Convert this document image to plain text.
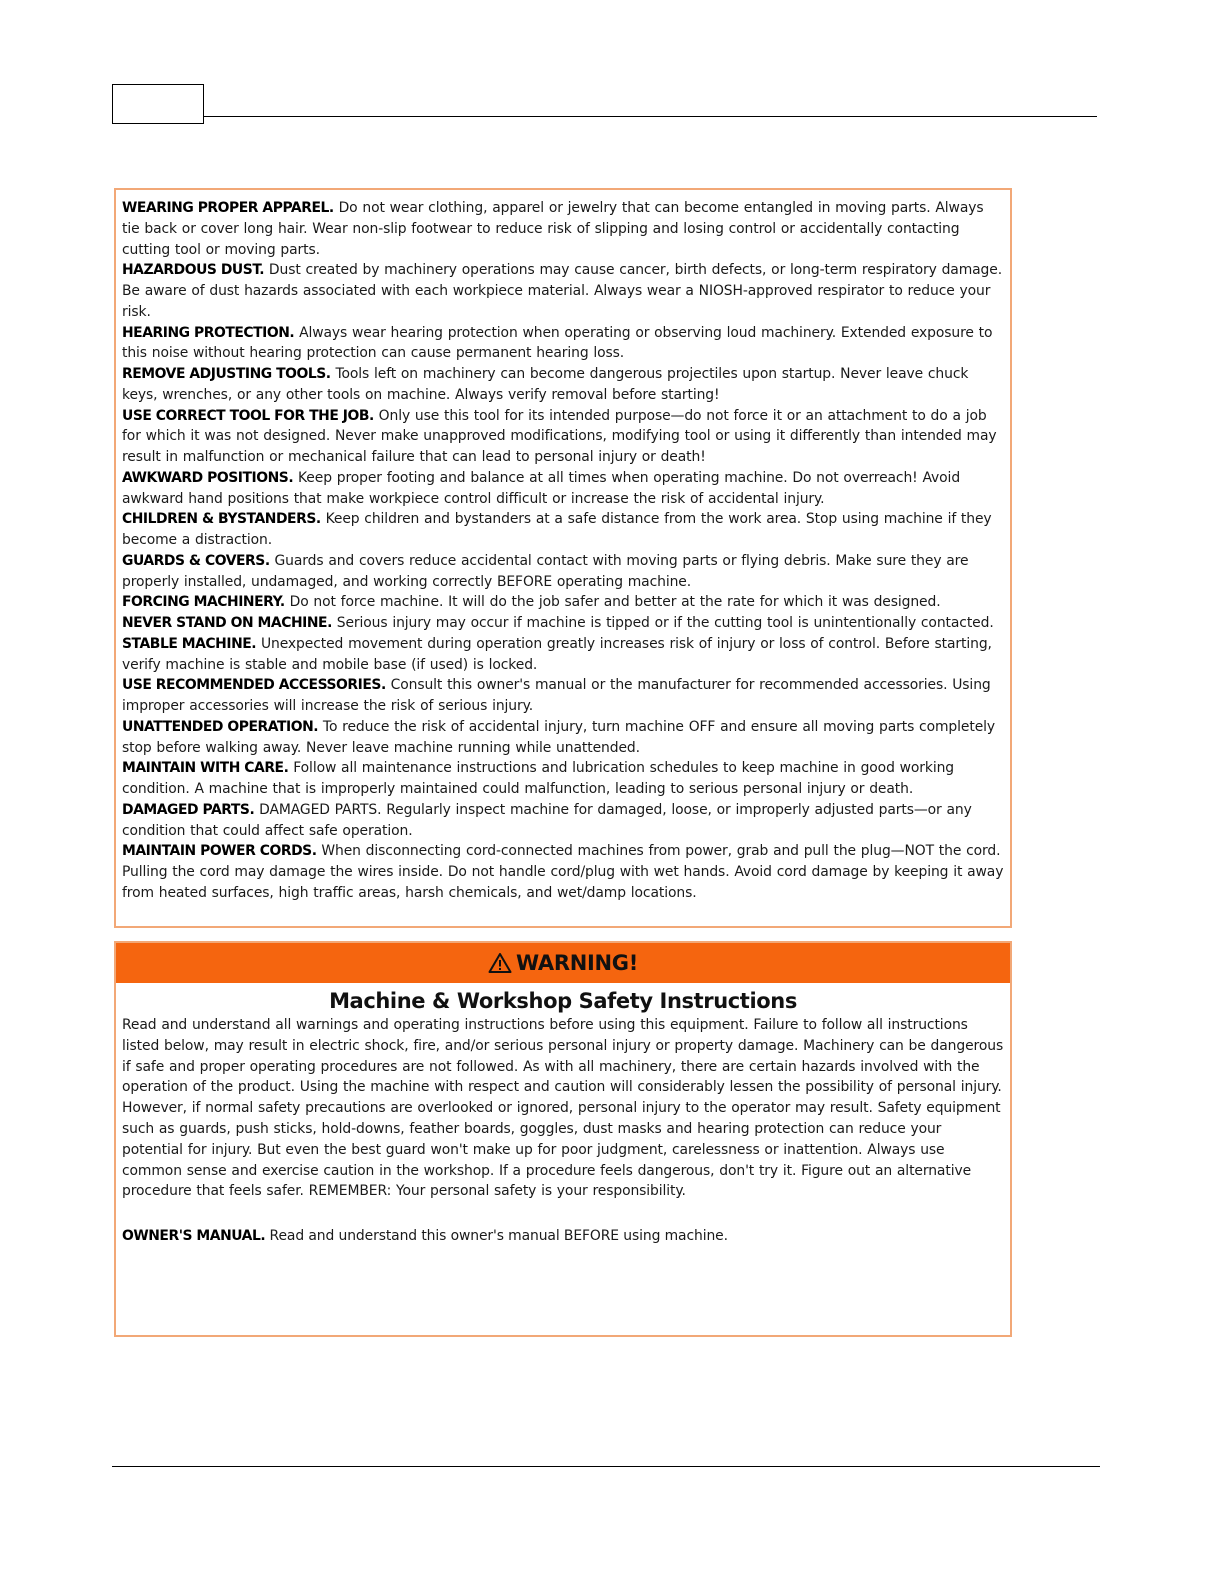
WEARING PROPER APPAREL. Do not wear clothing, apparel or jewelry that can become entangled in moving parts. Always tie back or cover long hair. Wear non-slip footwear to reduce risk of slipping and losing control or accidentally contacting cutting tool or moving parts.

HAZARDOUS DUST. Dust created by machinery operations may cause cancer, birth defects, or long-term respiratory damage. Be aware of dust hazards associated with each workpiece material. Always wear a NIOSH-approved respirator to reduce your risk.

HEARING PROTECTION. Always wear hearing protection when operating or observing loud machinery. Extended exposure to this noise without hearing protection can cause permanent hearing loss.

REMOVE ADJUSTING TOOLS. Tools left on machinery can become dangerous projectiles upon startup. Never leave chuck keys, wrenches, or any other tools on machine. Always verify removal before starting!

USE CORRECT TOOL FOR THE JOB. Only use this tool for its intended purpose—do not force it or an attachment to do a job for which it was not designed. Never make unapproved modifications, modifying tool or using it differently than intended may result in malfunction or mechanical failure that can lead to personal injury or death!

AWKWARD POSITIONS. Keep proper footing and balance at all times when operating machine. Do not overreach! Avoid awkward hand positions that make workpiece control difficult or increase the risk of accidental injury.

CHILDREN & BYSTANDERS. Keep children and bystanders at a safe distance from the work area. Stop using machine if they become a distraction.

GUARDS & COVERS. Guards and covers reduce accidental contact with moving parts or flying debris. Make sure they are properly installed, undamaged, and working correctly BEFORE operating machine.

FORCING MACHINERY. Do not force machine. It will do the job safer and better at the rate for which it was designed.

NEVER STAND ON MACHINE. Serious injury may occur if machine is tipped or if the cutting tool is unintentionally contacted.

STABLE MACHINE. Unexpected movement during operation greatly increases risk of injury or loss of control. Before starting, verify machine is stable and mobile base (if used) is locked.

USE RECOMMENDED ACCESSORIES. Consult this owner's manual or the manufacturer for recommended accessories. Using improper accessories will increase the risk of serious injury.

UNATTENDED OPERATION. To reduce the risk of accidental injury, turn machine OFF and ensure all moving parts completely stop before walking away. Never leave machine running while unattended.

MAINTAIN WITH CARE. Follow all maintenance instructions and lubrication schedules to keep machine in good working condition. A machine that is improperly maintained could malfunction, leading to serious personal injury or death.

DAMAGED PARTS. DAMAGED PARTS. Regularly inspect machine for damaged, loose, or improperly adjusted parts—or any condition that could affect safe operation.

MAINTAIN POWER CORDS. When disconnecting cord-connected machines from power, grab and pull the plug—NOT the cord. Pulling the cord may damage the wires inside. Do not handle cord/plug with wet hands. Avoid cord damage by keeping it away from heated surfaces, high traffic areas, harsh chemicals, and wet/damp locations.

WARNING!
Machine & Workshop Safety Instructions

Read and understand all warnings and operating instructions before using this equipment. Failure to follow all instructions listed below, may result in electric shock, fire, and/or serious personal injury or property damage. Machinery can be dangerous if safe and proper operating procedures are not followed. As with all machinery, there are certain hazards involved with the operation of the product. Using the machine with respect and caution will considerably lessen the possibility of personal injury. However, if normal safety precautions are overlooked or ignored, personal injury to the operator may result. Safety equipment such as guards, push sticks, hold-downs, feather boards, goggles, dust masks and hearing protection can reduce your potential for injury. But even the best guard won't make up for poor judgment, carelessness or inattention. Always use common sense and exercise caution in the workshop. If a procedure feels dangerous, don't try it. Figure out an alternative procedure that feels safer. REMEMBER: Your personal safety is your responsibility.

OWNER'S MANUAL. Read and understand this owner's manual BEFORE using machine.
